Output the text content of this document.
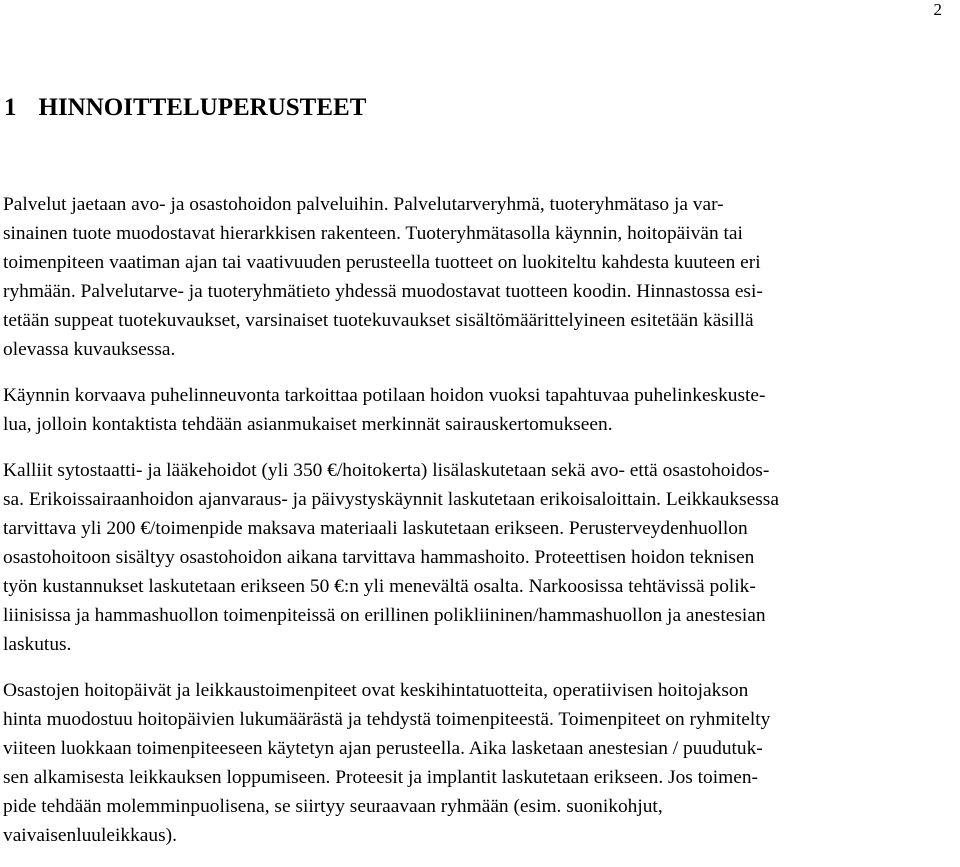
2
1 HINNOITTELUPERUSTEET

Palvelut jaetaan avo- ja osastohoidon palveluihin. Palvelutarveryhmä, tuoteryhmätaso ja var-
sinainen tuote muodostavat hierarkkisen rakenteen. Tuoteryhmätasolla käynnin, hoitopäivän tai
toimenpiteen vaatiman ajan tai vaativuuden perusteella tuotteet on luokiteltu kahdesta kuuteen eri
ryhmään. Palvelutarve- ja tuoteryhmätieto yhdessä muodostavat tuotteen koodin. Hinnastossa esi-
tetään suppeat tuotekuvaukset, varsinaiset tuotekuvaukset sisältömäärittelyineen esitetään käsillä
olevassa kuvauksessa.

Käynnin korvaava puhelinneuvonta tarkoittaa potilaan hoidon vuoksi tapahtuvaa puhelinkeskuste-
lua, jolloin kontaktista tehdään asianmukaiset merkinnät sairauskertomukseen.

Kalliit sytostaatti- ja lääkehoidot (yli 350 €/hoitokerta) lisälaskutetaan sekä avo- että osastohoidos-
sa. Erikoissairaanhoidon ajanvaraus- ja päivystyskäynnit laskutetaan erikoisaloittain. Leikkauksessa
tarvittava yli 200 €/toimenpide maksava materiaali laskutetaan erikseen. Perusterveydenhuollon
osastohoitoon sisältyy osastohoidon aikana tarvittava hammashoito. Proteettisen hoidon teknisen
työn kustannukset laskutetaan erikseen 50 €:n yli menevältä osalta. Narkoosissa tehtävissä polik-
liinisissa ja hammashuollon toimenpiteissä on erillinen polikliininen/hammashuollon ja anestesian
laskutus.

Osastojen hoitopäivät ja leikkaustoimenpiteet ovat keskihintatuotteita, operatiivisen hoitojakson
hinta muodostuu hoitopäivien lukumäärästä ja tehdystä toimenpiteestä. Toimenpiteet on ryhmitelty
viiteen luokkaan toimenpiteeseen käytetyn ajan perusteella. Aika lasketaan anestesian / puudutuk-
sen alkamisesta leikkauksen loppumiseen. Proteesit ja implantit laskutetaan erikseen. Jos toimen-
pide tehdään molemminpuolisena, se siirtyy seuraavaan ryhmään (esim. suonikohjut,
vaivaisenluuleikkaus).
